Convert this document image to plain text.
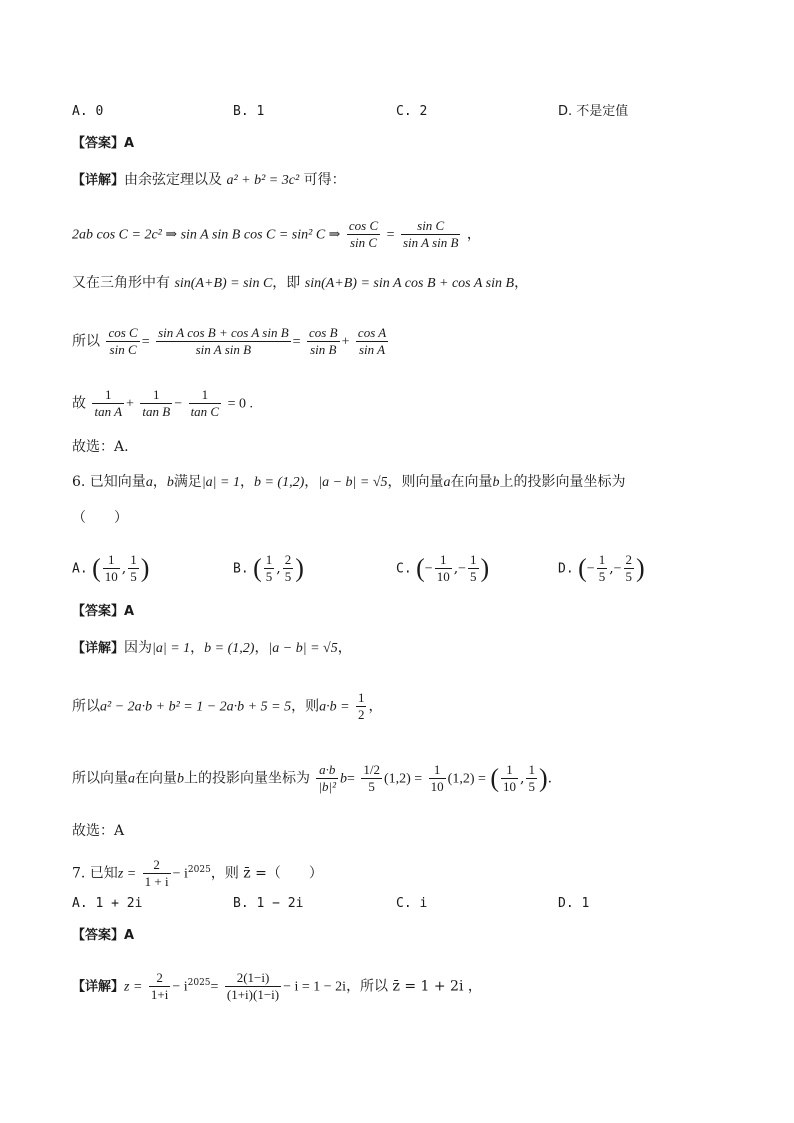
A. 0	B. 1	C. 2	D. 不是定值
【答案】A
【详解】由余弦定理以及 a² + b² = 3c² 可得：
2ab cos C = 2c² ⇒ sin A sin B cos C = sin² C ⇒ $\frac{\text{cos C}}{\text{sin C}} = \frac{\text{sin C}}{\text{sin A sin B}}$ ，
又在三角形中有 sin(A+B) = sin C，即 sin(A+B) = sin A cos B + cos A sin B，
所以 $\frac{\text{cos C}}{\text{sin C}} = \frac{\text{sin A cos B + cos A sin B}}{\text{sin A sin B}} = \frac{\text{cos B}}{\text{sin B}} + \frac{\text{cos A}}{\text{sin A}}$
故 $\frac{1}{\text{tan A}} + \frac{1}{\text{tan B}} - \frac{1}{\text{tan C}} = 0$ .
故选：A.
6. 已知向量a，b满足|a| = 1，b = (1,2)，|a − b| = √5，则向量a在向量b上的投影向量坐标为
（　　）
A. ( $\frac{1}{10}$ , $\frac{1}{5}$ )	B. ( $\frac{1}{5}$ , $\frac{2}{5}$ )	C. (− $\frac{1}{10}$ ,− $\frac{1}{5}$ )	D. (− $\frac{1}{5}$ ,− $\frac{2}{5}$ )
【答案】A
【详解】因为|a| = 1，b = (1,2)，|a − b| = √5，
所以a² − 2a·b + b² = 1 − 2a·b + 5 = 5，则$a\cdot b = \frac{1}{2}$ ，
所以向量a在向量b上的投影向量坐标为 $\frac{a\cdot b}{\text{|b|²}} b= \frac{1/2}{5} (1,2) = \frac{1}{10} (1,2)$ = ( $\frac{1}{10}$ , $\frac{1}{5}$ ).
故选：A
7. 已知$z = \frac{2}{1 + i} - i^{2025}$，则 z̄ =（　　）
A. 1 + 2i	B. 1 − 2i	C. i	D. 1
【答案】A
【详解】$z = \frac{2}{1+i} - i^{2025}= \frac{2(1-i)}{(1+i)(1-i)} - i = 1 - 2i$，所以 z̄ = 1 + 2i ，
